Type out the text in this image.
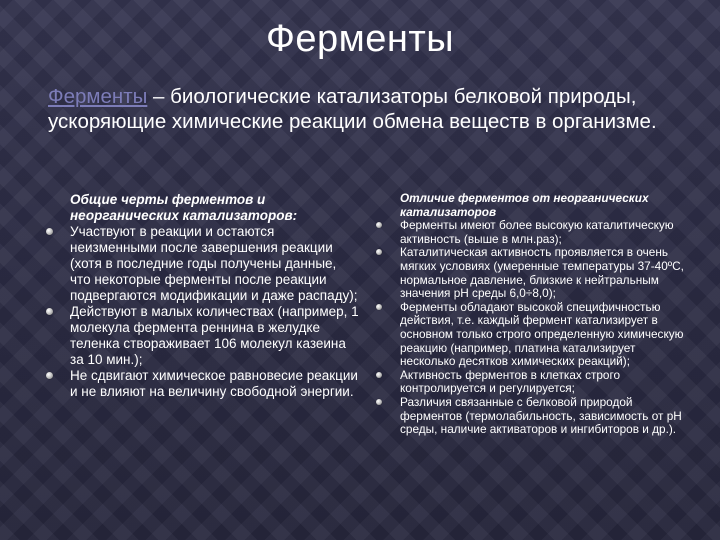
Ферменты
Ферменты – биологические катализаторы белковой природы, ускоряющие химические реакции обмена веществ в организме.

Общие черты ферментов и неорганических катализаторов:

Участвуют в реакции и остаются неизменными после завершения реакции (хотя в последние годы получены данные, что некоторые ферменты после реакции подвергаются модификации и даже распаду);
Действуют в малых количествах (например, 1 молекула фермента реннина в желудке теленка створаживает 106 молекул казеина за 10 мин.);
Не сдвигают химическое равновесие реакции и не влияют на величину свободной энергии.

Отличие ферментов от неорганических катализаторов

Ферменты имеют более высокую каталитическую активность (выше в млн.раз);
Каталитическая активность проявляется в очень мягких условиях (умеренные температуры 37-40ºС, нормальное давление, близкие к нейтральным значения рН среды 6,0÷8,0);
Ферменты обладают высокой специфичностью действия, т.е. каждый фермент катализирует в основном только строго определенную химическую реакцию (например, платина катализирует несколько десятков химических реакций);
Активность ферментов в клетках строго контролируется и регулируется;
Различия связанные с белковой природой ферментов (термолабильность, зависимость от рН среды, наличие активаторов и ингибиторов и др.).
